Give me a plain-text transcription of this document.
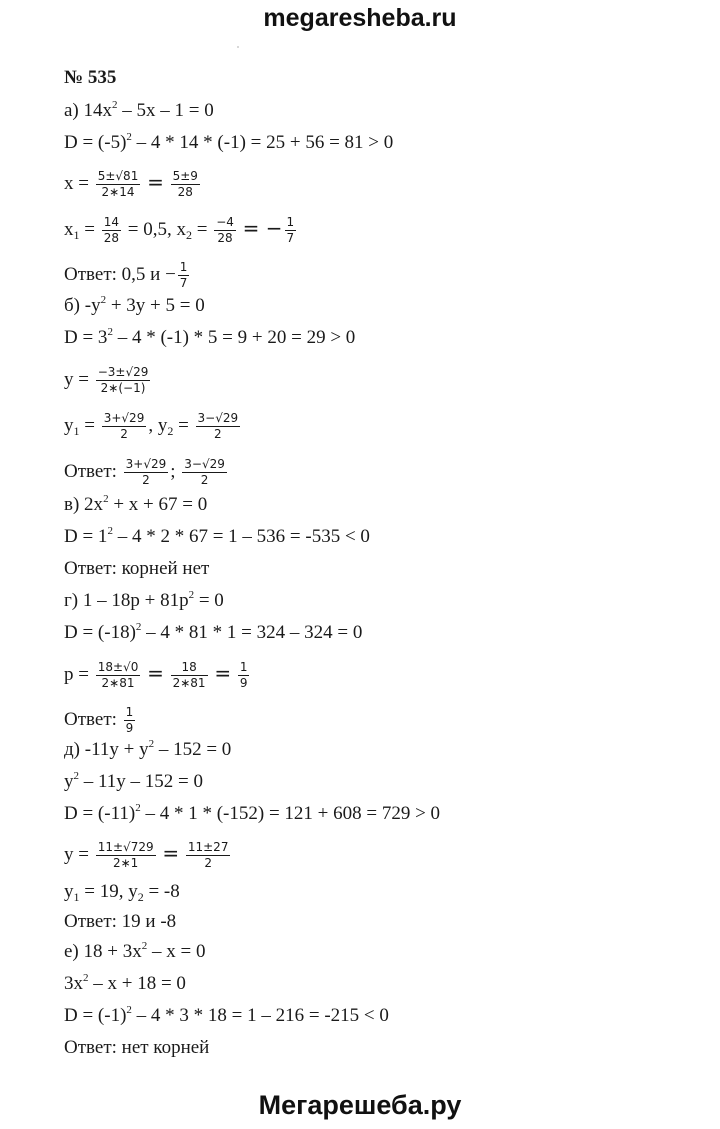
megaresheba.ru
№ 535
а) $14x^2 - 5x - 1 = 0$
$D = (-5)^2 - 4 * 14 * (-1) = 25 + 56 = 81 > 0$
$x = \frac{5\pm√81}{2∗14} = \frac{5\pm 9}{28}$
$x_1 = \frac{14}{28} = 0,5$, $x_2 = \frac{-4}{28}$ = − $\frac{1}{7}$
Ответ: 0,5 $и - \frac{1}{7}$
б) $-y^2 + 3y + 5 = 0$
$D = 3^2 - 4 * (-1) * 5 = 9 + 20 = 29 > 0$
$y = \frac{-3\pm√29}{2∗(-1)}$
$y_1 = \frac{3+√29}{2}$ , $y_2 = \frac{3-√29}{2}$
Ответ: $\frac{3+√29}{2}$ ; $\frac{3-√29}{2}$
в) $2x^2 + x + 67 = 0$
$D = 1^2 - 4 * 2 * 67 = 1 - 536 = -535 < 0$
Ответ: корней нет
г) $1 - 18p + 81p^2 = 0$
$D = (-18)^2 - 4 * 81 * 1 = 324 - 324 = 0$
$p = \frac{18\pm√0}{2∗81} = \frac{18}{2∗81} = \frac{1}{9}$
Ответ: $\frac{1}{9}$
д) $-11y + y^2 - 152 = 0$
$y^2 - 11y - 152 = 0$
$D = (-11)^2 - 4 * 1 * (-152) = 121 + 608 = 729 > 0$
$y = \frac{11\pm√729}{2∗1} = \frac{11\pm 27}{2}$
$y_1 = 19$, $y_2 = -8$
Ответ: 19 и -8
е) $18 + 3x^2 - x = 0$
$3x^2 - x + 18 = 0$
$D = (-1)^2 - 4 * 3 * 18 = 1 - 216 = -215 < 0$
Ответ: нет корней
Мегарешеба.ру
